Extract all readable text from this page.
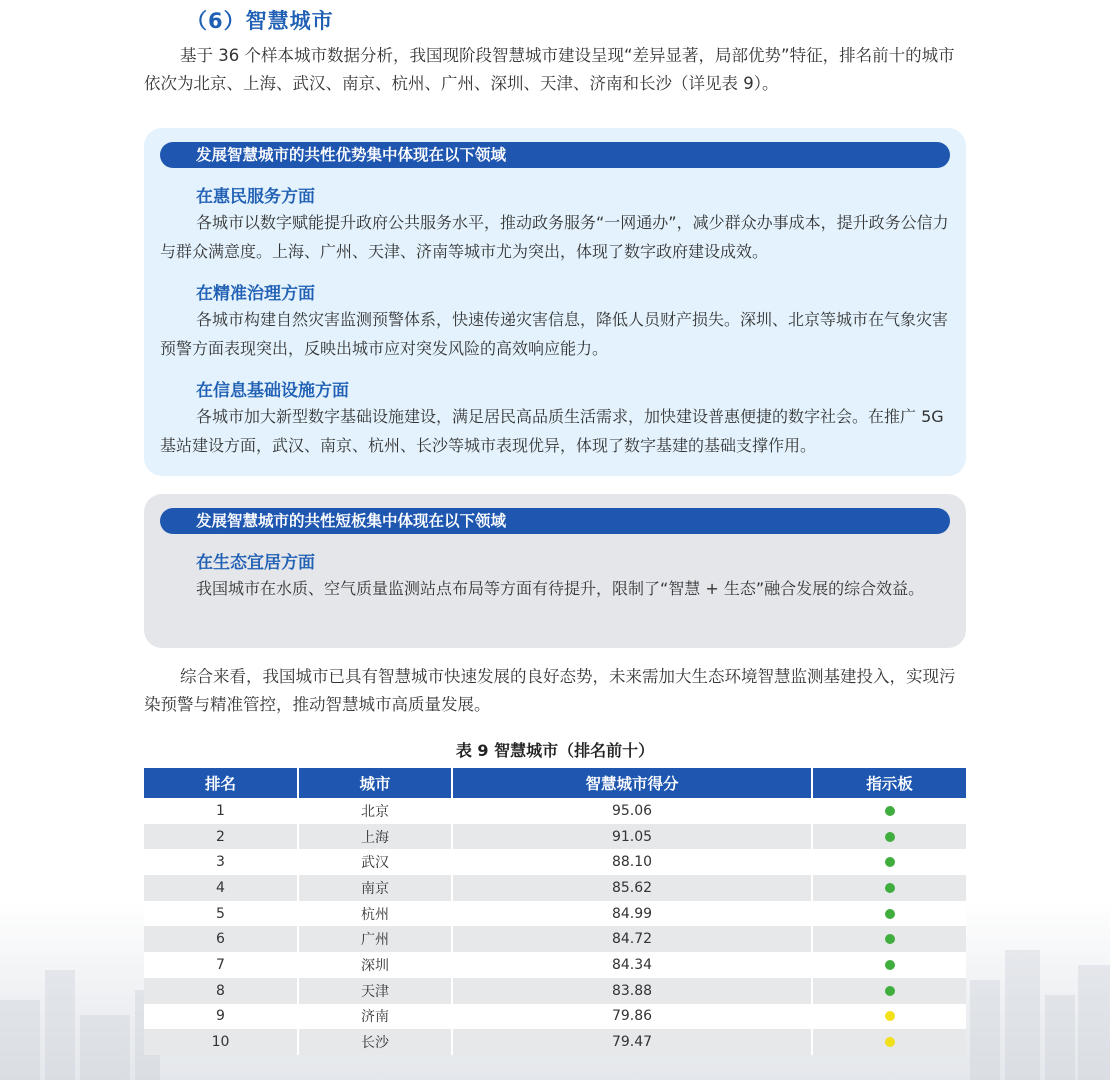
（6）智慧城市

基于 36 个样本城市数据分析，我国现阶段智慧城市建设呈现“差异显著，局部优势”特征，排名前十的城市依次为北京、上海、武汉、南京、杭州、广州、深圳、天津、济南和长沙（详见表 9）。

发展智慧城市的共性优势集中体现在以下领域
在惠民服务方面

各城市以数字赋能提升政府公共服务水平，推动政务服务“一网通办”，减少群众办事成本，提升政务公信力与群众满意度。上海、广州、天津、济南等城市尤为突出，体现了数字政府建设成效。

在精准治理方面

各城市构建自然灾害监测预警体系，快速传递灾害信息，降低人员财产损失。深圳、北京等城市在气象灾害预警方面表现突出，反映出城市应对突发风险的高效响应能力。

在信息基础设施方面

各城市加大新型数字基础设施建设，满足居民高品质生活需求，加快建设普惠便捷的数字社会。在推广 5G 基站建设方面，武汉、南京、杭州、长沙等城市表现优异，体现了数字基建的基础支撑作用。

发展智慧城市的共性短板集中体现在以下领域
在生态宜居方面

我国城市在水质、空气质量监测站点布局等方面有待提升，限制了“智慧 + 生态”融合发展的综合效益。

综合来看，我国城市已具有智慧城市快速发展的良好态势，未来需加大生态环境智慧监测基建投入，实现污染预警与精准管控，推动智慧城市高质量发展。

表 9 智慧城市（排名前十）
排名	城市	智慧城市得分	指示板
1	北京	95.06	
2	上海	91.05	
3	武汉	88.10	
4	南京	85.62	
5	杭州	84.99	
6	广州	84.72	
7	深圳	84.34	
8	天津	83.88	
9	济南	79.86	
10	长沙	79.47	
